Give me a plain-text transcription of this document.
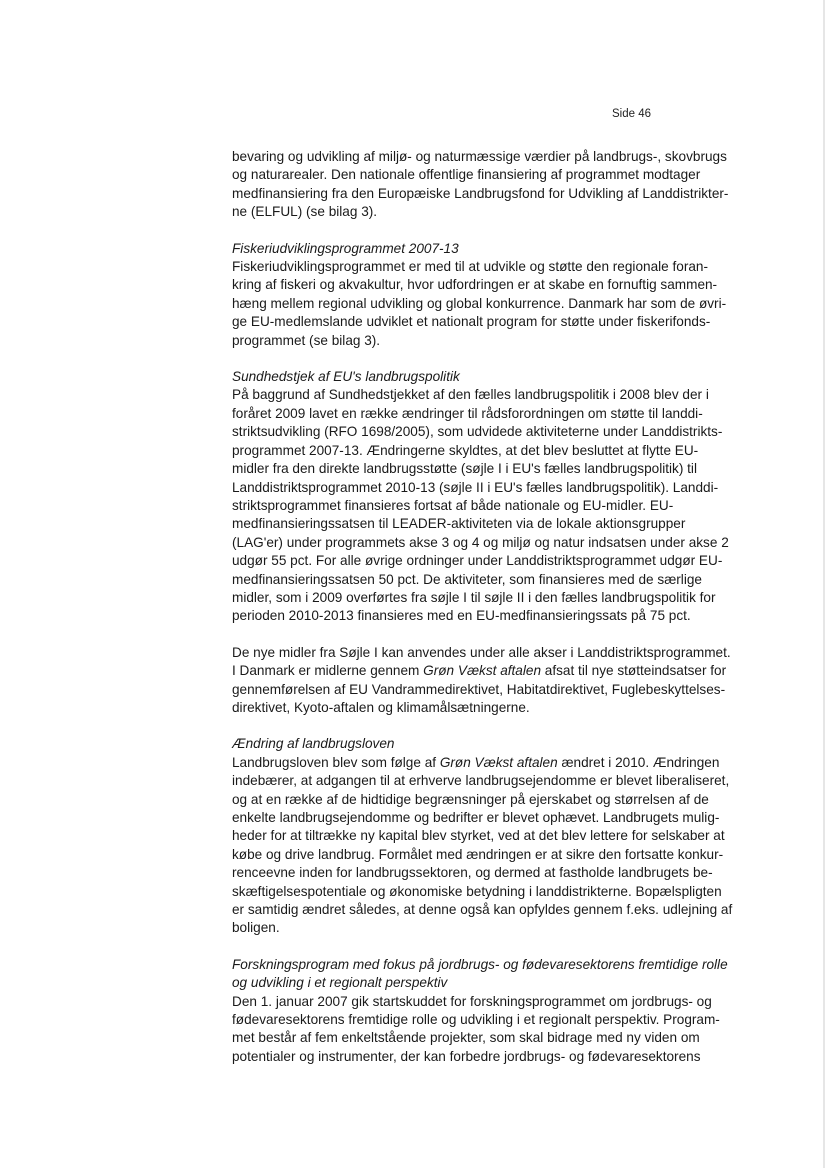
Side 46

bevaring og udvikling af miljø- og naturmæssige værdier på landbrugs-, skovbrugs
og naturarealer. Den nationale offentlige finansiering af programmet modtager
medfinansiering fra den Europæiske Landbrugsfond for Udvikling af Landdistrikter-
ne (ELFUL) (se bilag 3).

Fiskeriudviklingsprogrammet 2007-13

Fiskeriudviklingsprogrammet er med til at udvikle og støtte den regionale foran-
kring af fiskeri og akvakultur, hvor udfordringen er at skabe en fornuftig sammen-
hæng mellem regional udvikling og global konkurrence. Danmark har som de øvri-
ge EU-medlemslande udviklet et nationalt program for støtte under fiskerifonds-
programmet (se bilag 3).

Sundhedstjek af EU's landbrugspolitik

På baggrund af Sundhedstjekket af den fælles landbrugspolitik i 2008 blev der i
foråret 2009 lavet en række ændringer til rådsforordningen om støtte til landdi-
striktsudvikling (RFO 1698/2005), som udvidede aktiviteterne under Landdistrikts-
programmet 2007-13. Ændringerne skyldtes, at det blev besluttet at flytte EU-
midler fra den direkte landbrugsstøtte (søjle I i EU's fælles landbrugspolitik) til
Landdistriktsprogrammet 2010-13 (søjle II i EU's fælles landbrugspolitik). Landdi-
striktsprogrammet finansieres fortsat af både nationale og EU-midler. EU-
medfinansieringssatsen til LEADER-aktiviteten via de lokale aktionsgrupper
(LAG'er) under programmets akse 3 og 4 og miljø og natur indsatsen under akse 2
udgør 55 pct. For alle øvrige ordninger under Landdistriktsprogrammet udgør EU-
medfinansieringssatsen 50 pct. De aktiviteter, som finansieres med de særlige
midler, som i 2009 overførtes fra søjle I til søjle II i den fælles landbrugspolitik for
perioden 2010-2013 finansieres med en EU-medfinansieringssats på 75 pct.

De nye midler fra Søjle I kan anvendes under alle akser i Landdistriktsprogrammet.
I Danmark er midlerne gennem Grøn Vækst aftalen afsat til nye støtteindsatser for
gennemførelsen af EU Vandrammedirektivet, Habitatdirektivet, Fuglebeskyttelses-
direktivet, Kyoto-aftalen og klimamålsætningerne.

Ændring af landbrugsloven

Landbrugsloven blev som følge af Grøn Vækst aftalen ændret i 2010. Ændringen
indebærer, at adgangen til at erhverve landbrugsejendomme er blevet liberaliseret,
og at en række af de hidtidige begrænsninger på ejerskabet og størrelsen af de
enkelte landbrugsejendomme og bedrifter er blevet ophævet. Landbrugets mulig-
heder for at tiltrække ny kapital blev styrket, ved at det blev lettere for selskaber at
købe og drive landbrug. Formålet med ændringen er at sikre den fortsatte konkur-
renceevne inden for landbrugssektoren, og dermed at fastholde landbrugets be-
skæftigelsespotentiale og økonomiske betydning i landdistrikterne. Bopælspligten
er samtidig ændret således, at denne også kan opfyldes gennem f.eks. udlejning af
boligen.

Forskningsprogram med fokus på jordbrugs- og fødevaresektorens fremtidige rolle
og udvikling i et regionalt perspektiv

Den 1. januar 2007 gik startskuddet for forskningsprogrammet om jordbrugs- og
fødevaresektorens fremtidige rolle og udvikling i et regionalt perspektiv. Program-
met består af fem enkeltstående projekter, som skal bidrage med ny viden om
potentialer og instrumenter, der kan forbedre jordbrugs- og fødevaresektorens
